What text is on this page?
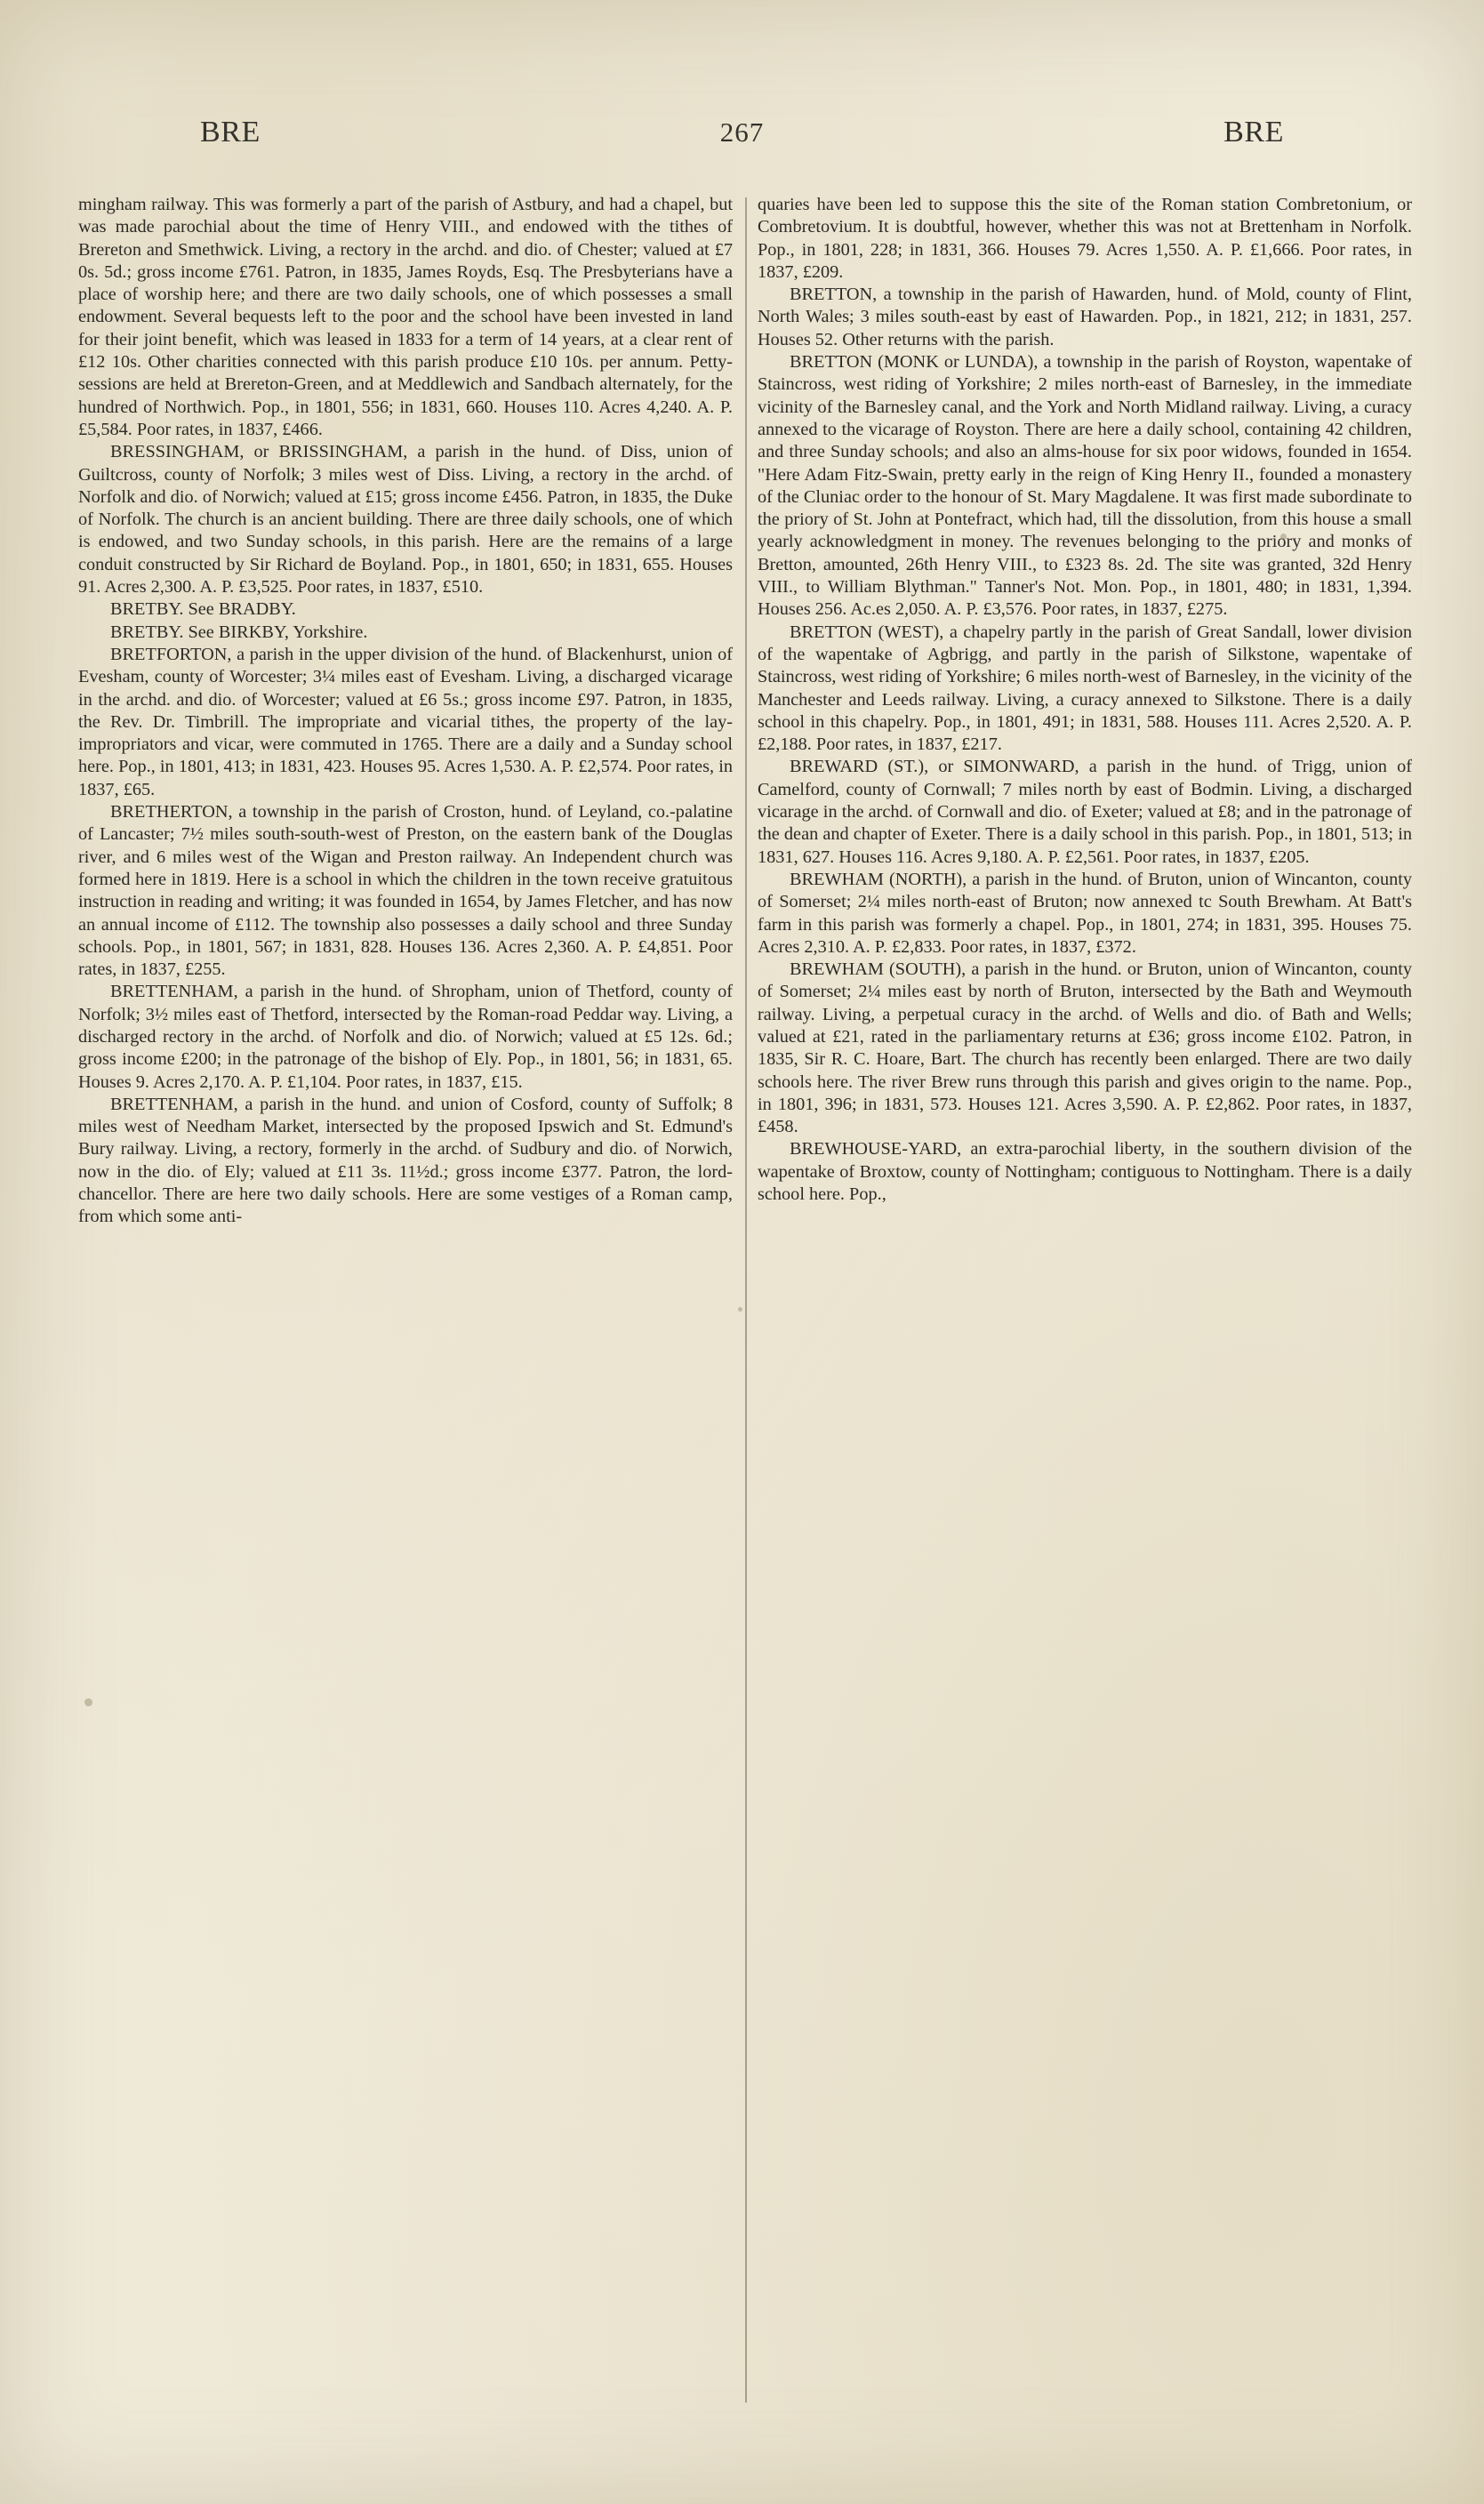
BRE	267	BRE

mingham railway. This was formerly a part of the parish of Astbury, and had a chapel, but was made parochial about the time of Henry VIII., and endowed with the tithes of Brereton and Smethwick. Living, a rectory in the archd. and dio. of Chester; valued at £7 0s. 5d.; gross income £761. Patron, in 1835, James Royds, Esq. The Presbyterians have a place of worship here; and there are two daily schools, one of which possesses a small endowment. Several bequests left to the poor and the school have been invested in land for their joint benefit, which was leased in 1833 for a term of 14 years, at a clear rent of £12 10s. Other charities connected with this parish produce £10 10s. per annum. Petty-sessions are held at Brereton-Green, and at Meddlewich and Sandbach alternately, for the hundred of Northwich. Pop., in 1801, 556; in 1831, 660. Houses 110. Acres 4,240. A. P. £5,584. Poor rates, in 1837, £466.

BRESSINGHAM, or BRISSINGHAM, a parish in the hund. of Diss, union of Guiltcross, county of Norfolk; 3 miles west of Diss. Living, a rectory in the archd. of Norfolk and dio. of Norwich; valued at £15; gross income £456. Patron, in 1835, the Duke of Norfolk. The church is an ancient building. There are three daily schools, one of which is endowed, and two Sunday schools, in this parish. Here are the remains of a large conduit constructed by Sir Richard de Boyland. Pop., in 1801, 650; in 1831, 655. Houses 91. Acres 2,300. A. P. £3,525. Poor rates, in 1837, £510.

BRETBY. See BRADBY.

BRETBY. See BIRKBY, Yorkshire.

BRETFORTON, a parish in the upper division of the hund. of Blackenhurst, union of Evesham, county of Worcester; 3¼ miles east of Evesham. Living, a discharged vicarage in the archd. and dio. of Worcester; valued at £6 5s.; gross income £97. Patron, in 1835, the Rev. Dr. Timbrill. The impropriate and vicarial tithes, the property of the lay-impropriators and vicar, were commuted in 1765. There are a daily and a Sunday school here. Pop., in 1801, 413; in 1831, 423. Houses 95. Acres 1,530. A. P. £2,574. Poor rates, in 1837, £65.

BRETHERTON, a township in the parish of Croston, hund. of Leyland, co.-palatine of Lancaster; 7½ miles south-south-west of Preston, on the eastern bank of the Douglas river, and 6 miles west of the Wigan and Preston railway. An Independent church was formed here in 1819. Here is a school in which the children in the town receive gratuitous instruction in reading and writing; it was founded in 1654, by James Fletcher, and has now an annual income of £112. The township also possesses a daily school and three Sunday schools. Pop., in 1801, 567; in 1831, 828. Houses 136. Acres 2,360. A. P. £4,851. Poor rates, in 1837, £255.

BRETTENHAM, a parish in the hund. of Shropham, union of Thetford, county of Norfolk; 3½ miles east of Thetford, intersected by the Roman-road Peddar way. Living, a discharged rectory in the archd. of Norfolk and dio. of Norwich; valued at £5 12s. 6d.; gross income £200; in the patronage of the bishop of Ely. Pop., in 1801, 56; in 1831, 65. Houses 9. Acres 2,170. A. P. £1,104. Poor rates, in 1837, £15.

BRETTENHAM, a parish in the hund. and union of Cosford, county of Suffolk; 8 miles west of Needham Market, intersected by the proposed Ipswich and St. Edmund's Bury railway. Living, a rectory, formerly in the archd. of Sudbury and dio. of Norwich, now in the dio. of Ely; valued at £11 3s. 11½d.; gross income £377. Patron, the lord-chancellor. There are here two daily schools. Here are some vestiges of a Roman camp, from which some anti-

quaries have been led to suppose this the site of the Roman station Combretonium, or Combretovium. It is doubtful, however, whether this was not at Brettenham in Norfolk. Pop., in 1801, 228; in 1831, 366. Houses 79. Acres 1,550. A. P. £1,666. Poor rates, in 1837, £209.

BRETTON, a township in the parish of Hawarden, hund. of Mold, county of Flint, North Wales; 3 miles south-east by east of Hawarden. Pop., in 1821, 212; in 1831, 257. Houses 52. Other returns with the parish.

BRETTON (MONK or LUNDA), a township in the parish of Royston, wapentake of Staincross, west riding of Yorkshire; 2 miles north-east of Barnesley, in the immediate vicinity of the Barnesley canal, and the York and North Midland railway. Living, a curacy annexed to the vicarage of Royston. There are here a daily school, containing 42 children, and three Sunday schools; and also an alms-house for six poor widows, founded in 1654. "Here Adam Fitz-Swain, pretty early in the reign of King Henry II., founded a monastery of the Cluniac order to the honour of St. Mary Magdalene. It was first made subordinate to the priory of St. John at Pontefract, which had, till the dissolution, from this house a small yearly acknowledgment in money. The revenues belonging to the priory and monks of Bretton, amounted, 26th Henry VIII., to £323 8s. 2d. The site was granted, 32d Henry VIII., to William Blythman." Tanner's Not. Mon. Pop., in 1801, 480; in 1831, 1,394. Houses 256. Ac.es 2,050. A. P. £3,576. Poor rates, in 1837, £275.

BRETTON (WEST), a chapelry partly in the parish of Great Sandall, lower division of the wapentake of Agbrigg, and partly in the parish of Silkstone, wapentake of Staincross, west riding of Yorkshire; 6 miles north-west of Barnesley, in the vicinity of the Manchester and Leeds railway. Living, a curacy annexed to Silkstone. There is a daily school in this chapelry. Pop., in 1801, 491; in 1831, 588. Houses 111. Acres 2,520. A. P. £2,188. Poor rates, in 1837, £217.

BREWARD (ST.), or SIMONWARD, a parish in the hund. of Trigg, union of Camelford, county of Cornwall; 7 miles north by east of Bodmin. Living, a discharged vicarage in the archd. of Cornwall and dio. of Exeter; valued at £8; and in the patronage of the dean and chapter of Exeter. There is a daily school in this parish. Pop., in 1801, 513; in 1831, 627. Houses 116. Acres 9,180. A. P. £2,561. Poor rates, in 1837, £205.

BREWHAM (NORTH), a parish in the hund. of Bruton, union of Wincanton, county of Somerset; 2¼ miles north-east of Bruton; now annexed tc South Brewham. At Batt's farm in this parish was formerly a chapel. Pop., in 1801, 274; in 1831, 395. Houses 75. Acres 2,310. A. P. £2,833. Poor rates, in 1837, £372.

BREWHAM (SOUTH), a parish in the hund. or Bruton, union of Wincanton, county of Somerset; 2¼ miles east by north of Bruton, intersected by the Bath and Weymouth railway. Living, a perpetual curacy in the archd. of Wells and dio. of Bath and Wells; valued at £21, rated in the parliamentary returns at £36; gross income £102. Patron, in 1835, Sir R. C. Hoare, Bart. The church has recently been enlarged. There are two daily schools here. The river Brew runs through this parish and gives origin to the name. Pop., in 1801, 396; in 1831, 573. Houses 121. Acres 3,590. A. P. £2,862. Poor rates, in 1837, £458.

BREWHOUSE-YARD, an extra-parochial liberty, in the southern division of the wapentake of Broxtow, county of Nottingham; contiguous to Nottingham. There is a daily school here. Pop.,
